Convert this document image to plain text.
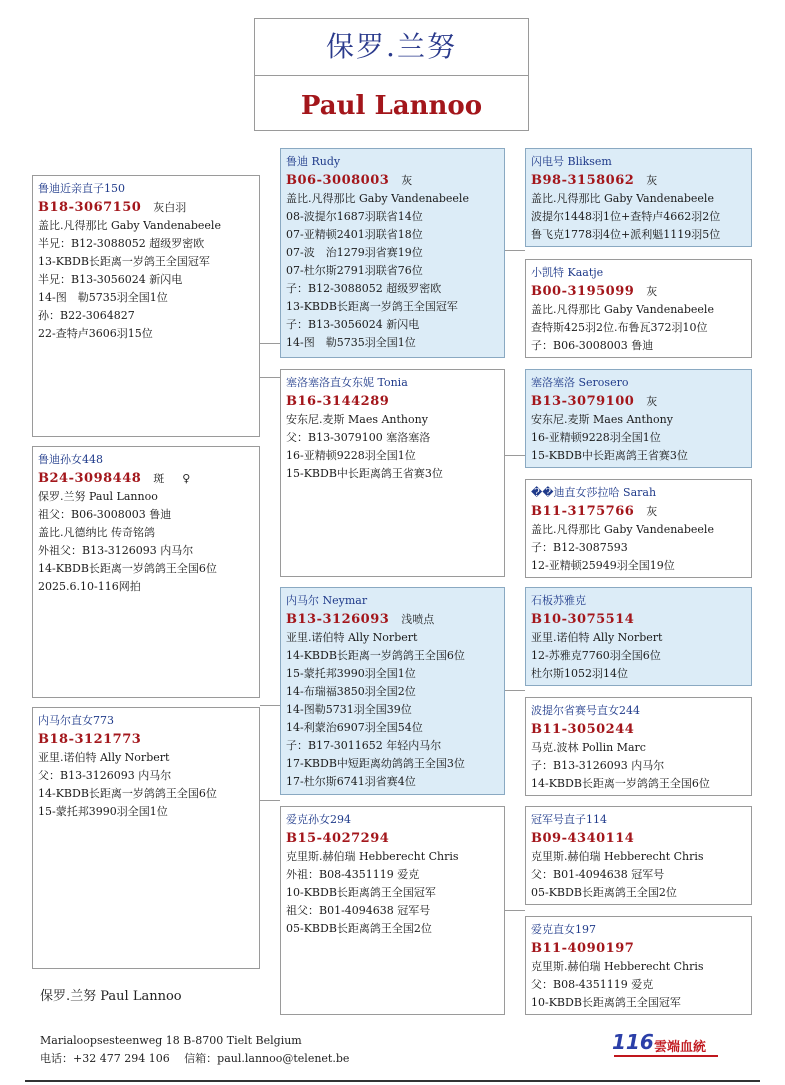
保罗.兰努
Paul Lannoo
鲁迪近亲直子150
B18-3067150 灰白羽
盖比.凡得那比 Gaby Vandenabeele
半兄：B12-3088052 超级罗密欧
13-KBDB长距离一岁鸽王全国冠军
半兄：B13-3056024 新闪电
14-图　勒5735羽全国1位
孙：B22-3064827
22-查特卢3606羽15位
鲁迪孙女448
B24-3098448 斑 ♀
保罗.兰努 Paul Lannoo
祖父：B06-3008003 鲁迪
盖比.凡德纳比 传奇铭鸽
外祖父：B13-3126093 内马尔
14-KBDB长距离一岁鸽鸽王全国6位
2025.6.10-116网拍
内马尔直女773
B18-3121773
亚里.诺伯特 Ally Norbert
父：B13-3126093 内马尔
14-KBDB长距离一岁鸽鸽王全国6位
15-蒙托邦3990羽全国1位
鲁迪 Rudy
B06-3008003 灰
盖比.凡得那比 Gaby Vandenabeele
08-波提尔1687羽联省14位
07-亚精顿2401羽联省18位
07-波　治1279羽省赛19位
07-杜尔斯2791羽联省76位
子：B12-3088052 超级罗密欧
13-KBDB长距离一岁鸽王全国冠军
子：B13-3056024 新闪电
14-图　勒5735羽全国1位
塞洛塞洛直女东妮 Tonia
B16-3144289
安东尼.麦斯 Maes Anthony
父：B13-3079100 塞洛塞洛
16-亚精顿9228羽全国1位
15-KBDB中长距离鸽王省赛3位
内马尔 Neymar
B13-3126093 浅喷点
亚里.诺伯特 Ally Norbert
14-KBDB长距离一岁鸽鸽王全国6位
15-蒙托邦3990羽全国1位
14-布瑞福3850羽全国2位
14-图勒5731羽全国39位
14-利蒙治6907羽全国54位
子：B17-3011652 年轻内马尔
17-KBDB中短距离幼鸽鸽王全国3位
17-杜尔斯6741羽省赛4位
爱克孙女294
B15-4027294
克里斯.赫伯瑞 Hebberecht Chris
外祖：B08-4351119 爱克
10-KBDB长距离鸽王全国冠军
祖父：B01-4094638 冠军号
05-KBDB长距离鸽王全国2位
闪电号 Bliksem
B98-3158062 灰
盖比.凡得那比 Gaby Vandenabeele
波提尔1448羽1位+查特卢4662羽2位
鲁飞克1778羽4位+派利魁1119羽5位
小凯特 Kaatje
B00-3195099 灰
盖比.凡得那比 Gaby Vandenabeele
查特斯425羽2位.布鲁瓦372羽10位
子：B06-3008003 鲁迪
塞洛塞洛 Serosero
B13-3079100 灰
安东尼.麦斯 Maes Anthony
16-亚精顿9228羽全国1位
15-KBDB中长距离鸽王省赛3位
��迪直女莎拉哈 Sarah
B11-3175766 灰
盖比.凡得那比 Gaby Vandenabeele
子：B12-3087593
12-亚精顿25949羽全国19位
石板苏雅克
B10-3075514
亚里.诺伯特 Ally Norbert
12-苏雅克7760羽全国6位
杜尔斯1052羽14位
波提尔省赛号直女244
B11-3050244
马克.波林 Pollin Marc
子：B13-3126093 内马尔
14-KBDB长距离一岁鸽鸽王全国6位
冠军号直子114
B09-4340114
克里斯.赫伯瑞 Hebberecht Chris
父：B01-4094638 冠军号
05-KBDB长距离鸽王全国2位
爱克直女197
B11-4090197
克里斯.赫伯瑞 Hebberecht Chris
父：B08-4351119 爱克
10-KBDB长距离鸽王全国冠军
保罗.兰努 Paul Lannoo
Marialoopsesteenweg 18 B-8700 Tielt Belgium
电话：+32 477 294 106　 信箱：paul.lannoo@telenet.be
116 雲端血統
